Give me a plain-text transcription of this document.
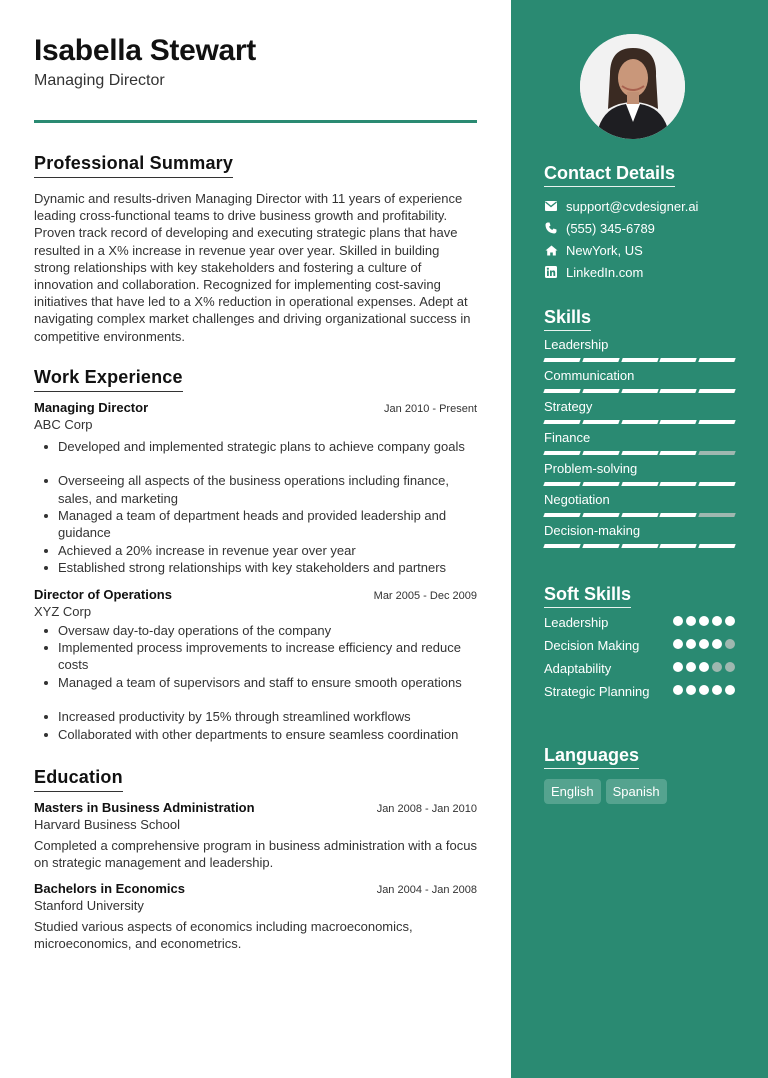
Isabella Stewart
Managing Director
Professional Summary

Dynamic and results-driven Managing Director with 11 years of experience leading cross-functional teams to drive business growth and profitability. Proven track record of developing and executing strategic plans that have resulted in a X% increase in revenue year over year. Skilled in building strong relationships with key stakeholders and fostering a culture of innovation and collaboration. Recognized for implementing cost-saving initiatives that have led to a X% reduction in operational expenses. Adept at navigating complex market challenges and driving organizational success in competitive environments.

Work Experience
Managing Director	Jan 2010 - Present
ABC Corp
Developed and implemented strategic plans to achieve company goals
Overseeing all aspects of the business operations including finance, sales, and marketing
Managed a team of department heads and provided leadership and guidance
Achieved a 20% increase in revenue year over year
Established strong relationships with key stakeholders and partners
Director of Operations	Mar 2005 - Dec 2009
XYZ Corp
Oversaw day-to-day operations of the company
Implemented process improvements to increase efficiency and reduce costs
Managed a team of supervisors and staff to ensure smooth operations
Increased productivity by 15% through streamlined workflows
Collaborated with other departments to ensure seamless coordination
Education
Masters in Business Administration	Jan 2008 - Jan 2010
Harvard Business School

Completed a comprehensive program in business administration with a focus on strategic management and leadership.

Bachelors in Economics	Jan 2004 - Jan 2008
Stanford University

Studied various aspects of economics including macroeconomics, microeconomics, and econometrics.

Contact Details
support@cvdesigner.ai
(555) 345-6789
NewYork, US
LinkedIn.com
Skills
Leadership
Communication
Strategy
Finance
Problem-solving
Negotiation
Decision-making
Soft Skills
Leadership
Decision Making
Adaptability
Strategic Planning
Languages
English	Spanish
